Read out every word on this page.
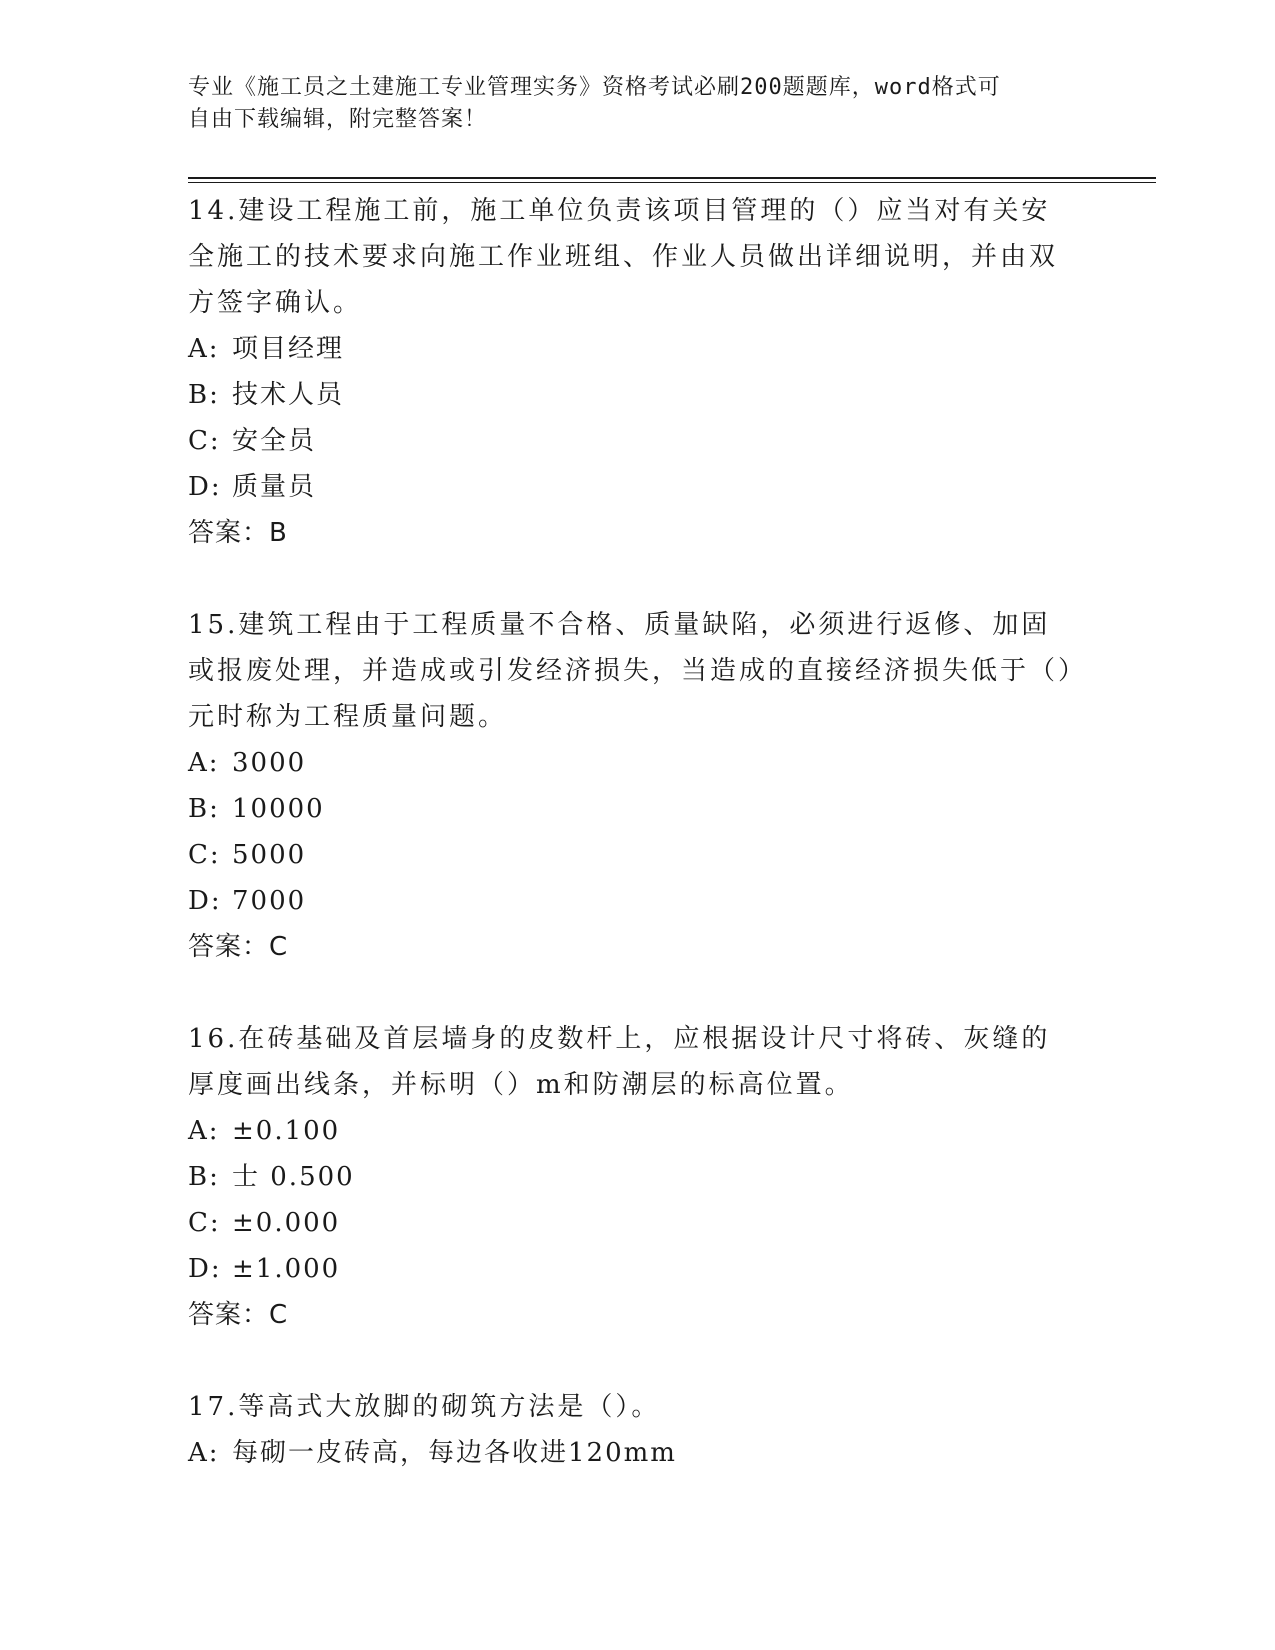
专业《施工员之土建施工专业管理实务》资格考试必刷200题题库，word格式可
自由下载编辑，附完整答案！
14.建设工程施工前，施工单位负责该项目管理的（）应当对有关安全施工的技术要求向施工作业班组、作业人员做出详细说明，并由双方签字确认。
A: 项目经理
B: 技术人员
C: 安全员
D: 质量员
答案：B
15.建筑工程由于工程质量不合格、质量缺陷，必须进行返修、加固或报废处理，并造成或引发经济损失，当造成的直接经济损失低于（）元时称为工程质量问题。
A: 3000
B: 10000
C: 5000
D: 7000
答案：C
16.在砖基础及首层墙身的皮数杆上，应根据设计尺寸将砖、灰缝的厚度画出线条，并标明（）m和防潮层的标高位置。
A: ±0.100
B: 士 0.500
C: ±0.000
D: ±1.000
答案：C
17.等高式大放脚的砌筑方法是（）。
A: 每砌一皮砖高，每边各收进120mm
